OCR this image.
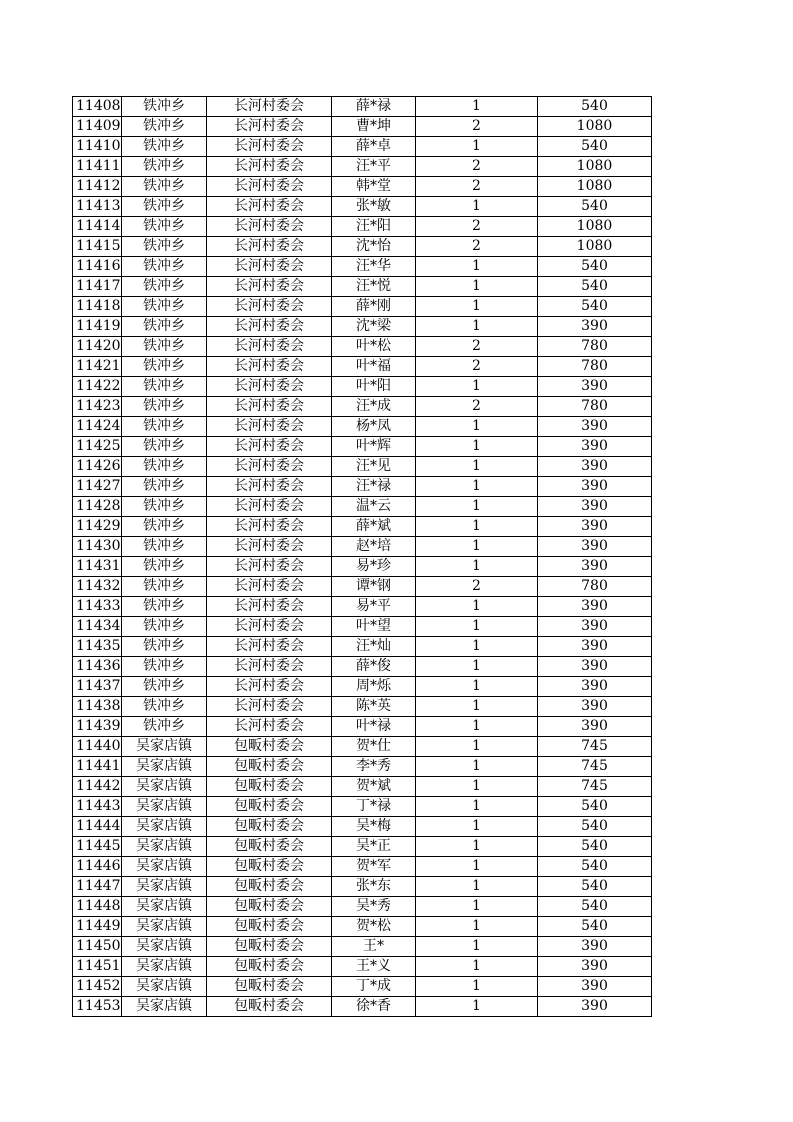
11408	铁冲乡	长河村委会	薛*禄	1	540
11409	铁冲乡	长河村委会	曹*坤	2	1080
11410	铁冲乡	长河村委会	薛*卓	1	540
11411	铁冲乡	长河村委会	汪*平	2	1080
11412	铁冲乡	长河村委会	韩*堂	2	1080
11413	铁冲乡	长河村委会	张*敏	1	540
11414	铁冲乡	长河村委会	汪*阳	2	1080
11415	铁冲乡	长河村委会	沈*怡	2	1080
11416	铁冲乡	长河村委会	汪*华	1	540
11417	铁冲乡	长河村委会	汪*悦	1	540
11418	铁冲乡	长河村委会	薛*刚	1	540
11419	铁冲乡	长河村委会	沈*梁	1	390
11420	铁冲乡	长河村委会	叶*松	2	780
11421	铁冲乡	长河村委会	叶*福	2	780
11422	铁冲乡	长河村委会	叶*阳	1	390
11423	铁冲乡	长河村委会	汪*成	2	780
11424	铁冲乡	长河村委会	杨*凤	1	390
11425	铁冲乡	长河村委会	叶*辉	1	390
11426	铁冲乡	长河村委会	汪*见	1	390
11427	铁冲乡	长河村委会	汪*禄	1	390
11428	铁冲乡	长河村委会	温*云	1	390
11429	铁冲乡	长河村委会	薛*斌	1	390
11430	铁冲乡	长河村委会	赵*培	1	390
11431	铁冲乡	长河村委会	易*珍	1	390
11432	铁冲乡	长河村委会	谭*钢	2	780
11433	铁冲乡	长河村委会	易*平	1	390
11434	铁冲乡	长河村委会	叶*望	1	390
11435	铁冲乡	长河村委会	汪*灿	1	390
11436	铁冲乡	长河村委会	薛*俊	1	390
11437	铁冲乡	长河村委会	周*烁	1	390
11438	铁冲乡	长河村委会	陈*英	1	390
11439	铁冲乡	长河村委会	叶*禄	1	390
11440	吴家店镇	包畈村委会	贺*仕	1	745
11441	吴家店镇	包畈村委会	李*秀	1	745
11442	吴家店镇	包畈村委会	贺*斌	1	745
11443	吴家店镇	包畈村委会	丁*禄	1	540
11444	吴家店镇	包畈村委会	吴*梅	1	540
11445	吴家店镇	包畈村委会	吴*正	1	540
11446	吴家店镇	包畈村委会	贺*军	1	540
11447	吴家店镇	包畈村委会	张*东	1	540
11448	吴家店镇	包畈村委会	吴*秀	1	540
11449	吴家店镇	包畈村委会	贺*松	1	540
11450	吴家店镇	包畈村委会	王*	1	390
11451	吴家店镇	包畈村委会	王*义	1	390
11452	吴家店镇	包畈村委会	丁*成	1	390
11453	吴家店镇	包畈村委会	徐*香	1	390
